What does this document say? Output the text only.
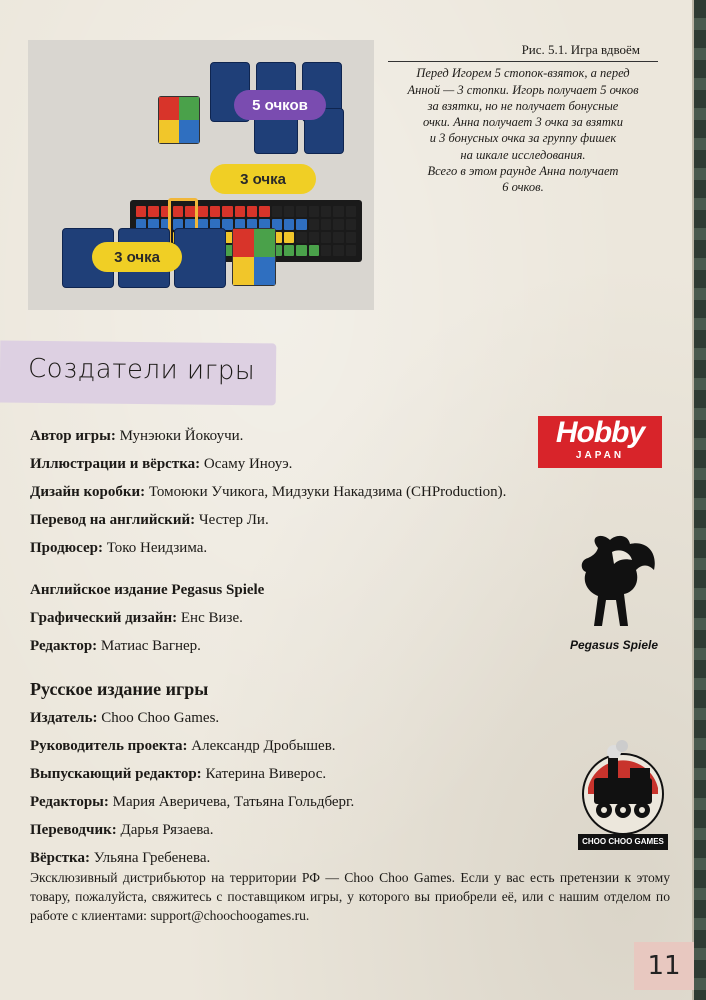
5 очков
3 очка
3 очка
Рис. 5.1. Игра вдвоём
Перед Игорем 5 стопок-взяток, а перед
Анной — 3 стопки. Игорь получает 5 очков
за взятки, но не получает бонусные
очки. Анна получает 3 очка за взятки
и 3 бонусных очка за группу фишек
на шкале исследования.
Всего в этом раунде Анна получает
6 очков.
Создатели игры
Автор игры: Мунэюки Йокоучи.
Иллюстрации и вёрстка: Осаму Иноуэ.
Дизайн коробки: Томоюки Учикога, Мидзуки Накадзима (CHProduction).
Перевод на английский: Честер Ли.
Продюсер: Токо Неидзима.
Английское издание Pegasus Spiele
Графический дизайн: Енс Визе.
Редактор: Матиас Вагнер.
Русское издание игры
Издатель: Choo Choo Games.
Руководитель проекта: Александр Дробышев.
Выпускающий редактор: Катерина Виверос.
Редакторы: Мария Аверичева, Татьяна Гольдберг.
Переводчик: Дарья Рязаева.
Вёрстка: Ульяна Гребенева.
Эксклюзивный дистрибьютор на территории РФ — Choo Choo Games. Если у вас есть претензии к этому товару, пожалуйста, свяжитесь с поставщиком игры, у которого вы приобрели её, или с нашим отделом по работе с клиентами: support@choochoogames.ru.
Hobby
JAPAN
Pegasus Spiele
CHOO CHOO GAMES
11
